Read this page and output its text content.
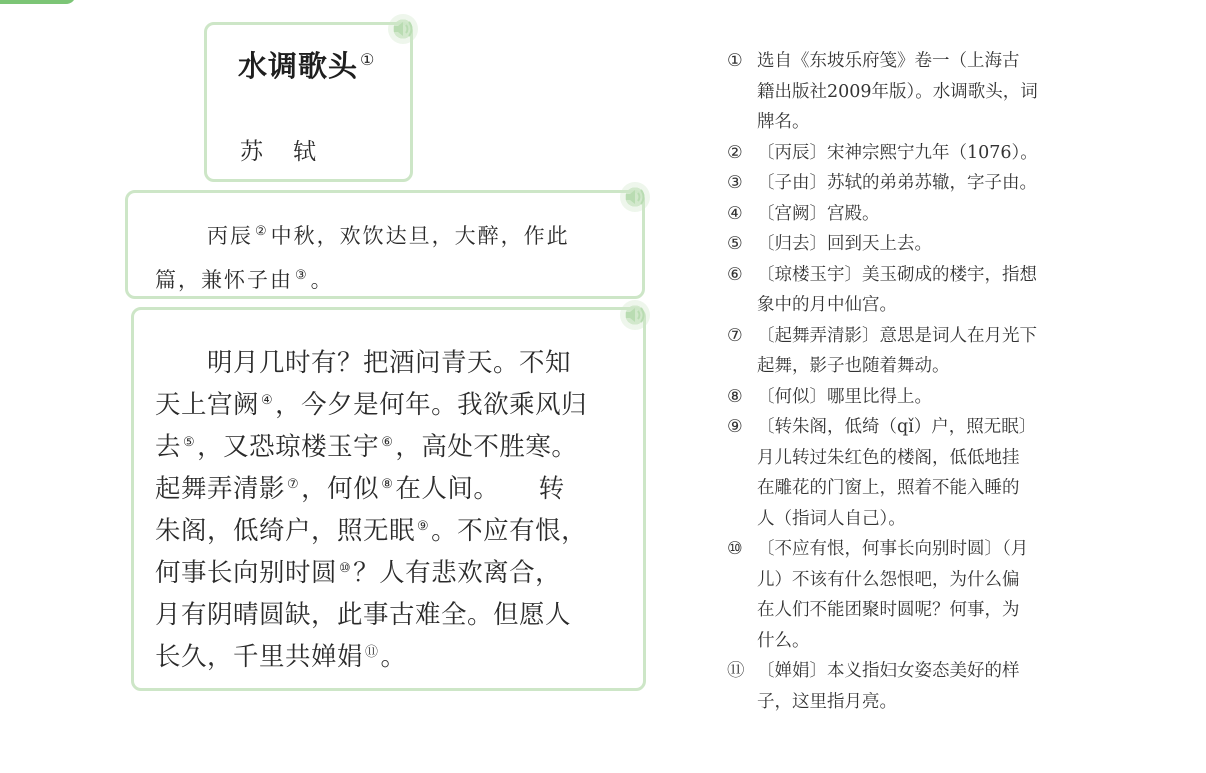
水调歌头 ①
苏轼
丙辰 ②中秋，欢饮达旦，大醉，作此
篇，兼怀子由 ③。
明月几时有？把酒问青天。不知
天上宫阙 ④，今夕是何年。我欲乘风归
去 ⑤，又恐琼楼玉宇 ⑥，高处不胜寒。
起舞弄清影 ⑦，何似 ⑧在人间。　　转
朱阁，低绮户，照无眠 ⑨。不应有恨，
何事长向别时圆 ⑩？人有悲欢离合，
月有阴晴圆缺，此事古难全。但愿人
长久，千里共婵娟 ⑪。
① 选自《东坡乐府笺》卷一（上海古
籍出版社2009年版）。水调歌头，词
牌名。
② 〔丙辰〕宋神宗熙宁九年（1076）。
③ 〔子由〕苏轼的弟弟苏辙，字子由。
④ 〔宫阙〕宫殿。
⑤ 〔归去〕回到天上去。
⑥ 〔琼楼玉宇〕美玉砌成的楼宇，指想
象中的月中仙宫。
⑦ 〔起舞弄清影〕意思是词人在月光下
起舞，影子也随着舞动。
⑧ 〔何似〕哪里比得上。
⑨ 〔转朱阁，低绮（qǐ）户，照无眠〕
月儿转过朱红色的楼阁，低低地挂
在雕花的门窗上，照着不能入睡的
人（指词人自己）。
⑩ 〔不应有恨，何事长向别时圆〕（月
儿）不该有什么怨恨吧，为什么偏
在人们不能团聚时圆呢？何事，为
什么。
⑪ 〔婵娟〕本义指妇女姿态美好的样
子，这里指月亮。
